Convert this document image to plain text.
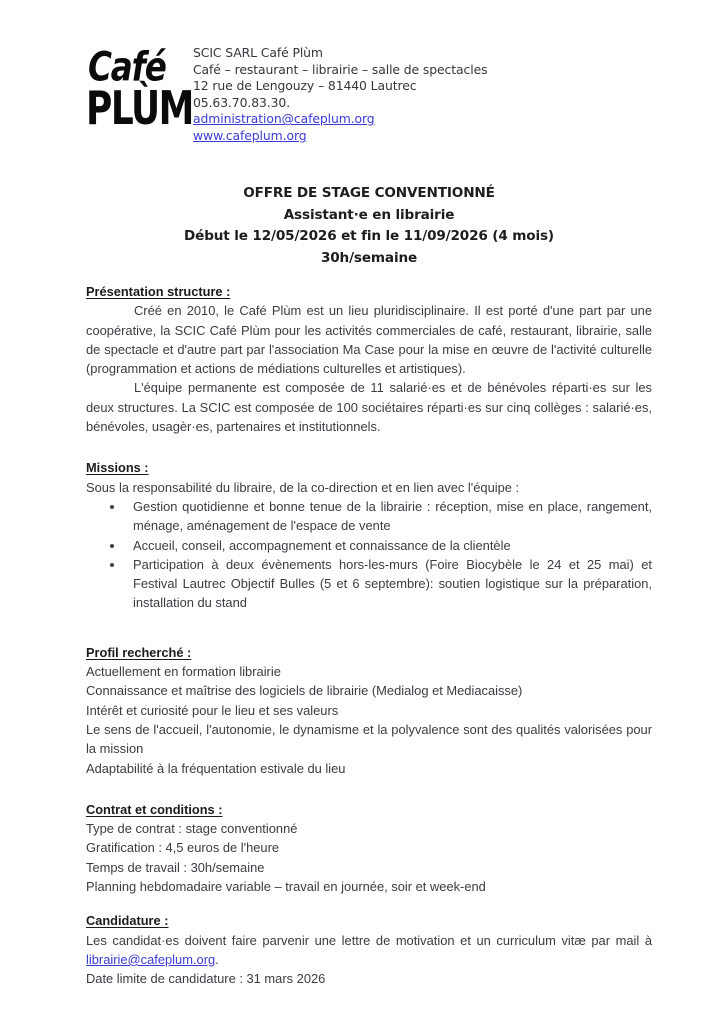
Café
PLÙM
SCIC SARL Café Plùm
Café – restaurant – librairie – salle de spectacles
12 rue de Lengouzy – 81440 Lautrec
05.63.70.83.30.
administration@cafeplum.org
www.cafeplum.org
OFFRE DE STAGE CONVENTIONNÉ
Assistant·e en librairie
Début le 12/05/2026 et fin le 11/09/2026 (4 mois)
30h/semaine
Présentation structure :

Créé en 2010, le Café Plùm est un lieu pluridisciplinaire. Il est porté d'une part par une coopérative, la SCIC Café Plùm pour les activités commerciales de café, restaurant, librairie, salle de spectacle et d'autre part par l'association Ma Case pour la mise en œuvre de l'activité culturelle (programmation et actions de médiations culturelles et artistiques).

L'équipe permanente est composée de 11 salarié·es et de bénévoles réparti·es sur les deux structures. La SCIC est composée de 100 sociétaires réparti·es sur cinq collèges : salarié·es, bénévoles, usagèr·es, partenaires et institutionnels.

Missions :

Sous la responsabilité du libraire, de la co-direction et en lien avec l'équipe :

Gestion quotidienne et bonne tenue de la librairie : réception, mise en place, rangement, ménage, aménagement de l'espace de vente
Accueil, conseil, accompagnement et connaissance de la clientèle
Participation à deux évènements hors-les-murs (Foire Biocybèle le 24 et 25 mai) et Festival Lautrec Objectif Bulles (5 et 6 septembre): soutien logistique sur la préparation, installation du stand
Profil recherché :

Actuellement en formation librairie

Connaissance et maîtrise des logiciels de librairie (Medialog et Mediacaisse)

Intérêt et curiosité pour le lieu et ses valeurs

Le sens de l'accueil, l'autonomie, le dynamisme et la polyvalence sont des qualités valorisées pour la mission

Adaptabilité à la fréquentation estivale du lieu

Contrat et conditions :

Type de contrat : stage conventionné

Gratification : 4,5 euros de l'heure

Temps de travail : 30h/semaine

Planning hebdomadaire variable – travail en journée, soir et week-end

Candidature :

Les candidat·es doivent faire parvenir une lettre de motivation et un curriculum vitæ par mail à librairie@cafeplum.org.

Date limite de candidature : 31 mars 2026
